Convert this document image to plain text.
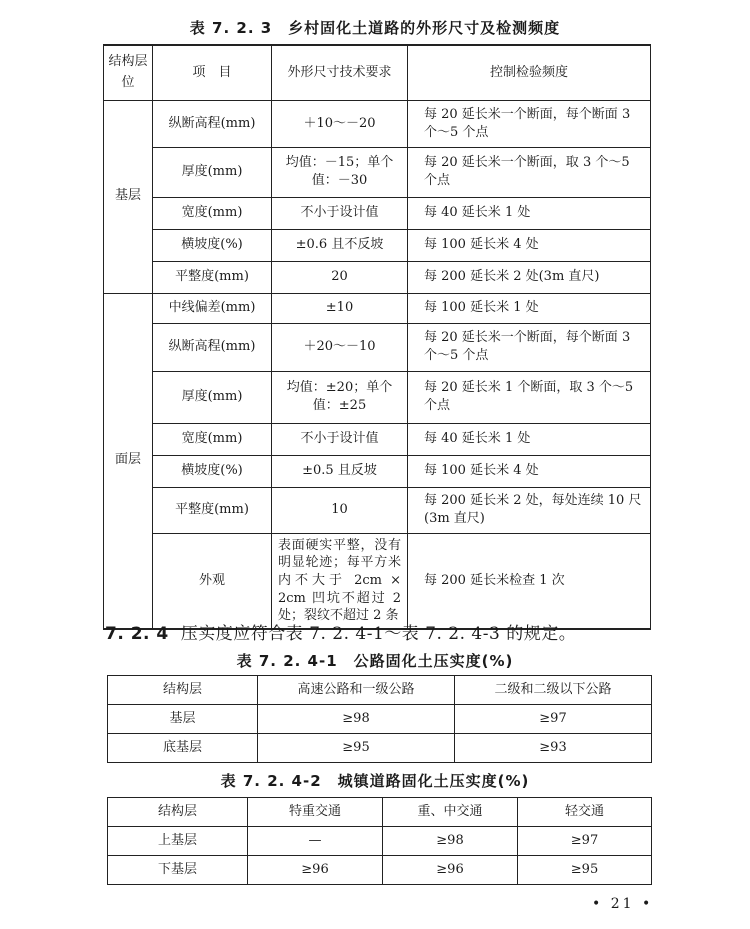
表 7. 2. 3　乡村固化土道路的外形尺寸及检测频度
结构层位	项　目	外形尺寸技术要求	控制检验频度
基层	纵断高程(mm)	＋10～－20	每 20 延长米一个断面，每个断面 3 个～5 个点
	厚度(mm)	均值：－15；单个值：－30	每 20 延长米一个断面，取 3 个～5 个点
	宽度(mm)	不小于设计值	每 40 延长米 1 处
	横坡度(%)	±0.6 且不反坡	每 100 延长米 4 处
	平整度(mm)	20	每 200 延长米 2 处(3m 直尺)
面层	中线偏差(mm)	±10	每 100 延长米 1 处
	纵断高程(mm)	＋20～－10	每 20 延长米一个断面，每个断面 3 个～5 个点
	厚度(mm)	均值：±20；单个值：±25	每 20 延长米 1 个断面，取 3 个～5 个点
	宽度(mm)	不小于设计值	每 40 延长米 1 处
	横坡度(%)	±0.5 且反坡	每 100 延长米 4 处
	平整度(mm)	10	每 200 延长米 2 处，每处连续 10 尺(3m 直尺)
	外观	表面硬实平整，没有明显轮迹；每平方米内不大于 2cm × 2cm 凹坑不超过 2 处；裂纹不超过 2 条	每 200 延长米检查 1 次
7. 2. 4 压实度应符合表 7. 2. 4-1～表 7. 2. 4-3 的规定。
表 7. 2. 4-1　公路固化土压实度(%)
结构层	高速公路和一级公路	二级和二级以下公路
基层	≥98	≥97
底基层	≥95	≥93
表 7. 2. 4-2　城镇道路固化土压实度(%)
结构层	特重交通	重、中交通	轻交通
上基层	—	≥98	≥97
下基层	≥96	≥96	≥95
• 21 •
